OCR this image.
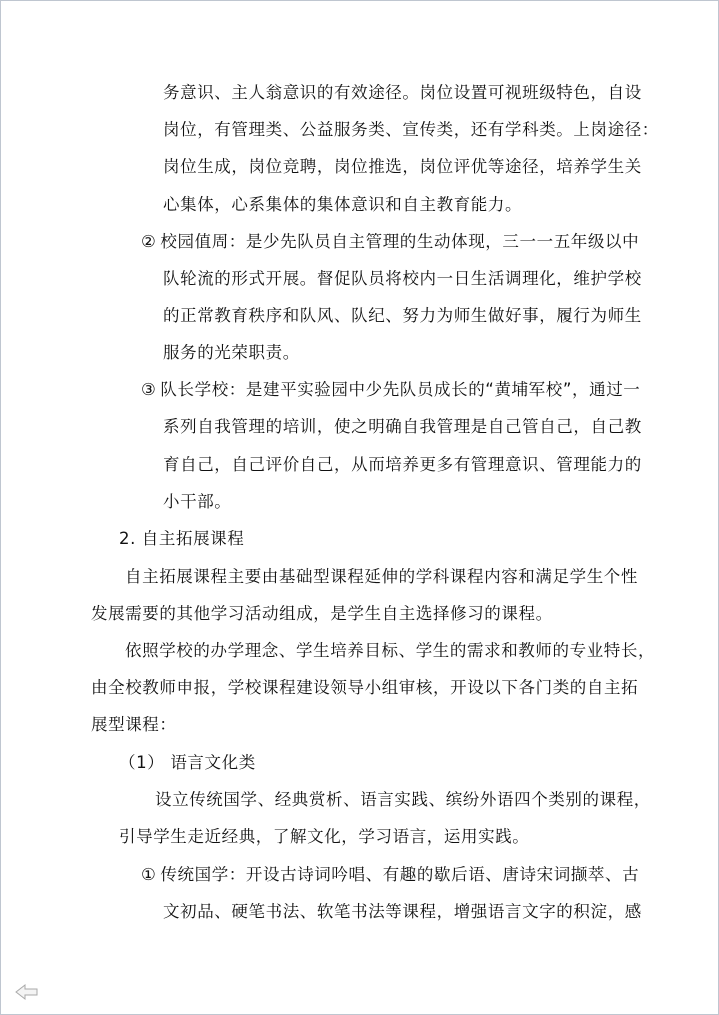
务意识、主人翁意识的有效途径。岗位设置可视班级特色，自设
岗位，有管理类、公益服务类、宣传类，还有学科类。上岗途径：
岗位生成，岗位竞聘，岗位推选，岗位评优等途径，培养学生关
心集体，心系集体的集体意识和自主教育能力。
② 校园值周：是少先队员自主管理的生动体现，三一一五年级以中
队轮流的形式开展。督促队员将校内一日生活调理化，维护学校
的正常教育秩序和队风、队纪、努力为师生做好事，履行为师生
服务的光荣职责。
③ 队长学校：是建平实验园中少先队员成长的“黄埔军校”，通过一
系列自我管理的培训，使之明确自我管理是自己管自己，自己教
育自己，自己评价自己，从而培养更多有管理意识、管理能力的
小干部。
2. 自主拓展课程
自主拓展课程主要由基础型课程延伸的学科课程内容和满足学生个性
发展需要的其他学习活动组成，是学生自主选择修习的课程。
依照学校的办学理念、学生培养目标、学生的需求和教师的专业特长，
由全校教师申报，学校课程建设领导小组审核，开设以下各门类的自主拓
展型课程：
（1） 语言文化类
设立传统国学、经典赏析、语言实践、缤纷外语四个类别的课程，
引导学生走近经典，了解文化，学习语言，运用实践。
① 传统国学：开设古诗词吟唱、有趣的歇后语、唐诗宋词撷萃、古
文初品、硬笔书法、软笔书法等课程，增强语言文字的积淀，感
